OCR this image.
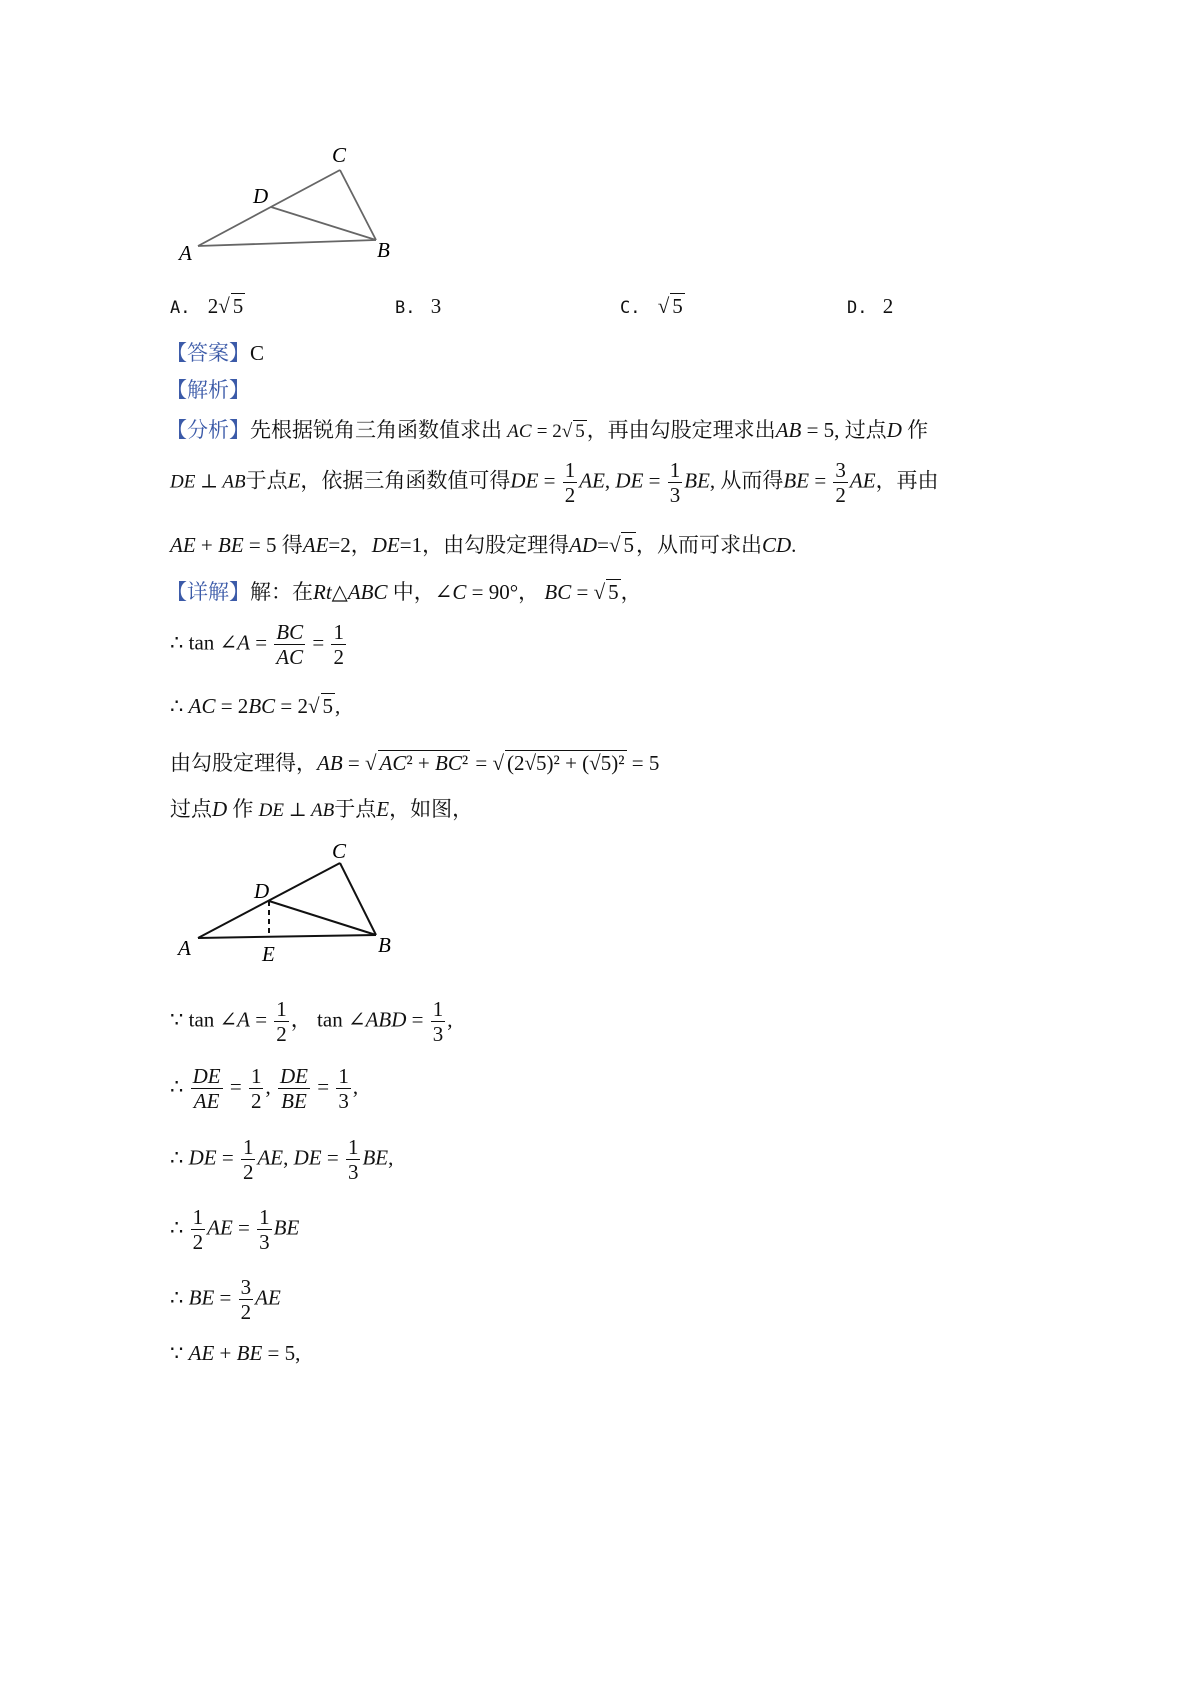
C
D
A	B
A. 2√ 5	B. 3	C. √ 5	D. 2
【答案】C
【解析】
【分析】先根据锐角三角函数值求出 AC = 2√ 5，再由勾股定理求出AB = 5, 过点D 作
DE ⊥ AB于点E，依据三角函数值可得DE = $\frac{1}{2}$ AE, DE = $\frac{1}{3}$ BE, 从而得BE = $\frac{3}{2}$ AE，再由
AE + BE = 5 得AE=2，DE=1，由勾股定理得AD=√ 5，从而可求出CD.
【详解】解：在Rt△ABC 中，∠C = 90°， BC = √ 5，
∴ tan ∠A = $\frac{BC}{AC} = \frac{1}{2}$
∴ AC = 2BC = 2√ 5,
由勾股定理得，AB = √ AC² + BC² = √ (2√5)² + (√5)² = 5
过点D 作 DE ⊥ AB于点E，如图，
C
D
A	E	B
∵ tan ∠A = $\frac{1}{2}$ ， tan ∠ABD = $\frac{1}{3}$ ,
∴ $\frac{DE}{AE} = \frac{1}{2}$ , $\frac{DE}{BE} = \frac{1}{3}$ ,
∴ DE = $\frac{1}{2}$ AE, DE = $\frac{1}{3}$ BE,
∴ $\frac{1}{2}$ AE = $\frac{1}{3}$ BE
∴ BE = $\frac{3}{2}$ AE
∵ AE + BE = 5,
